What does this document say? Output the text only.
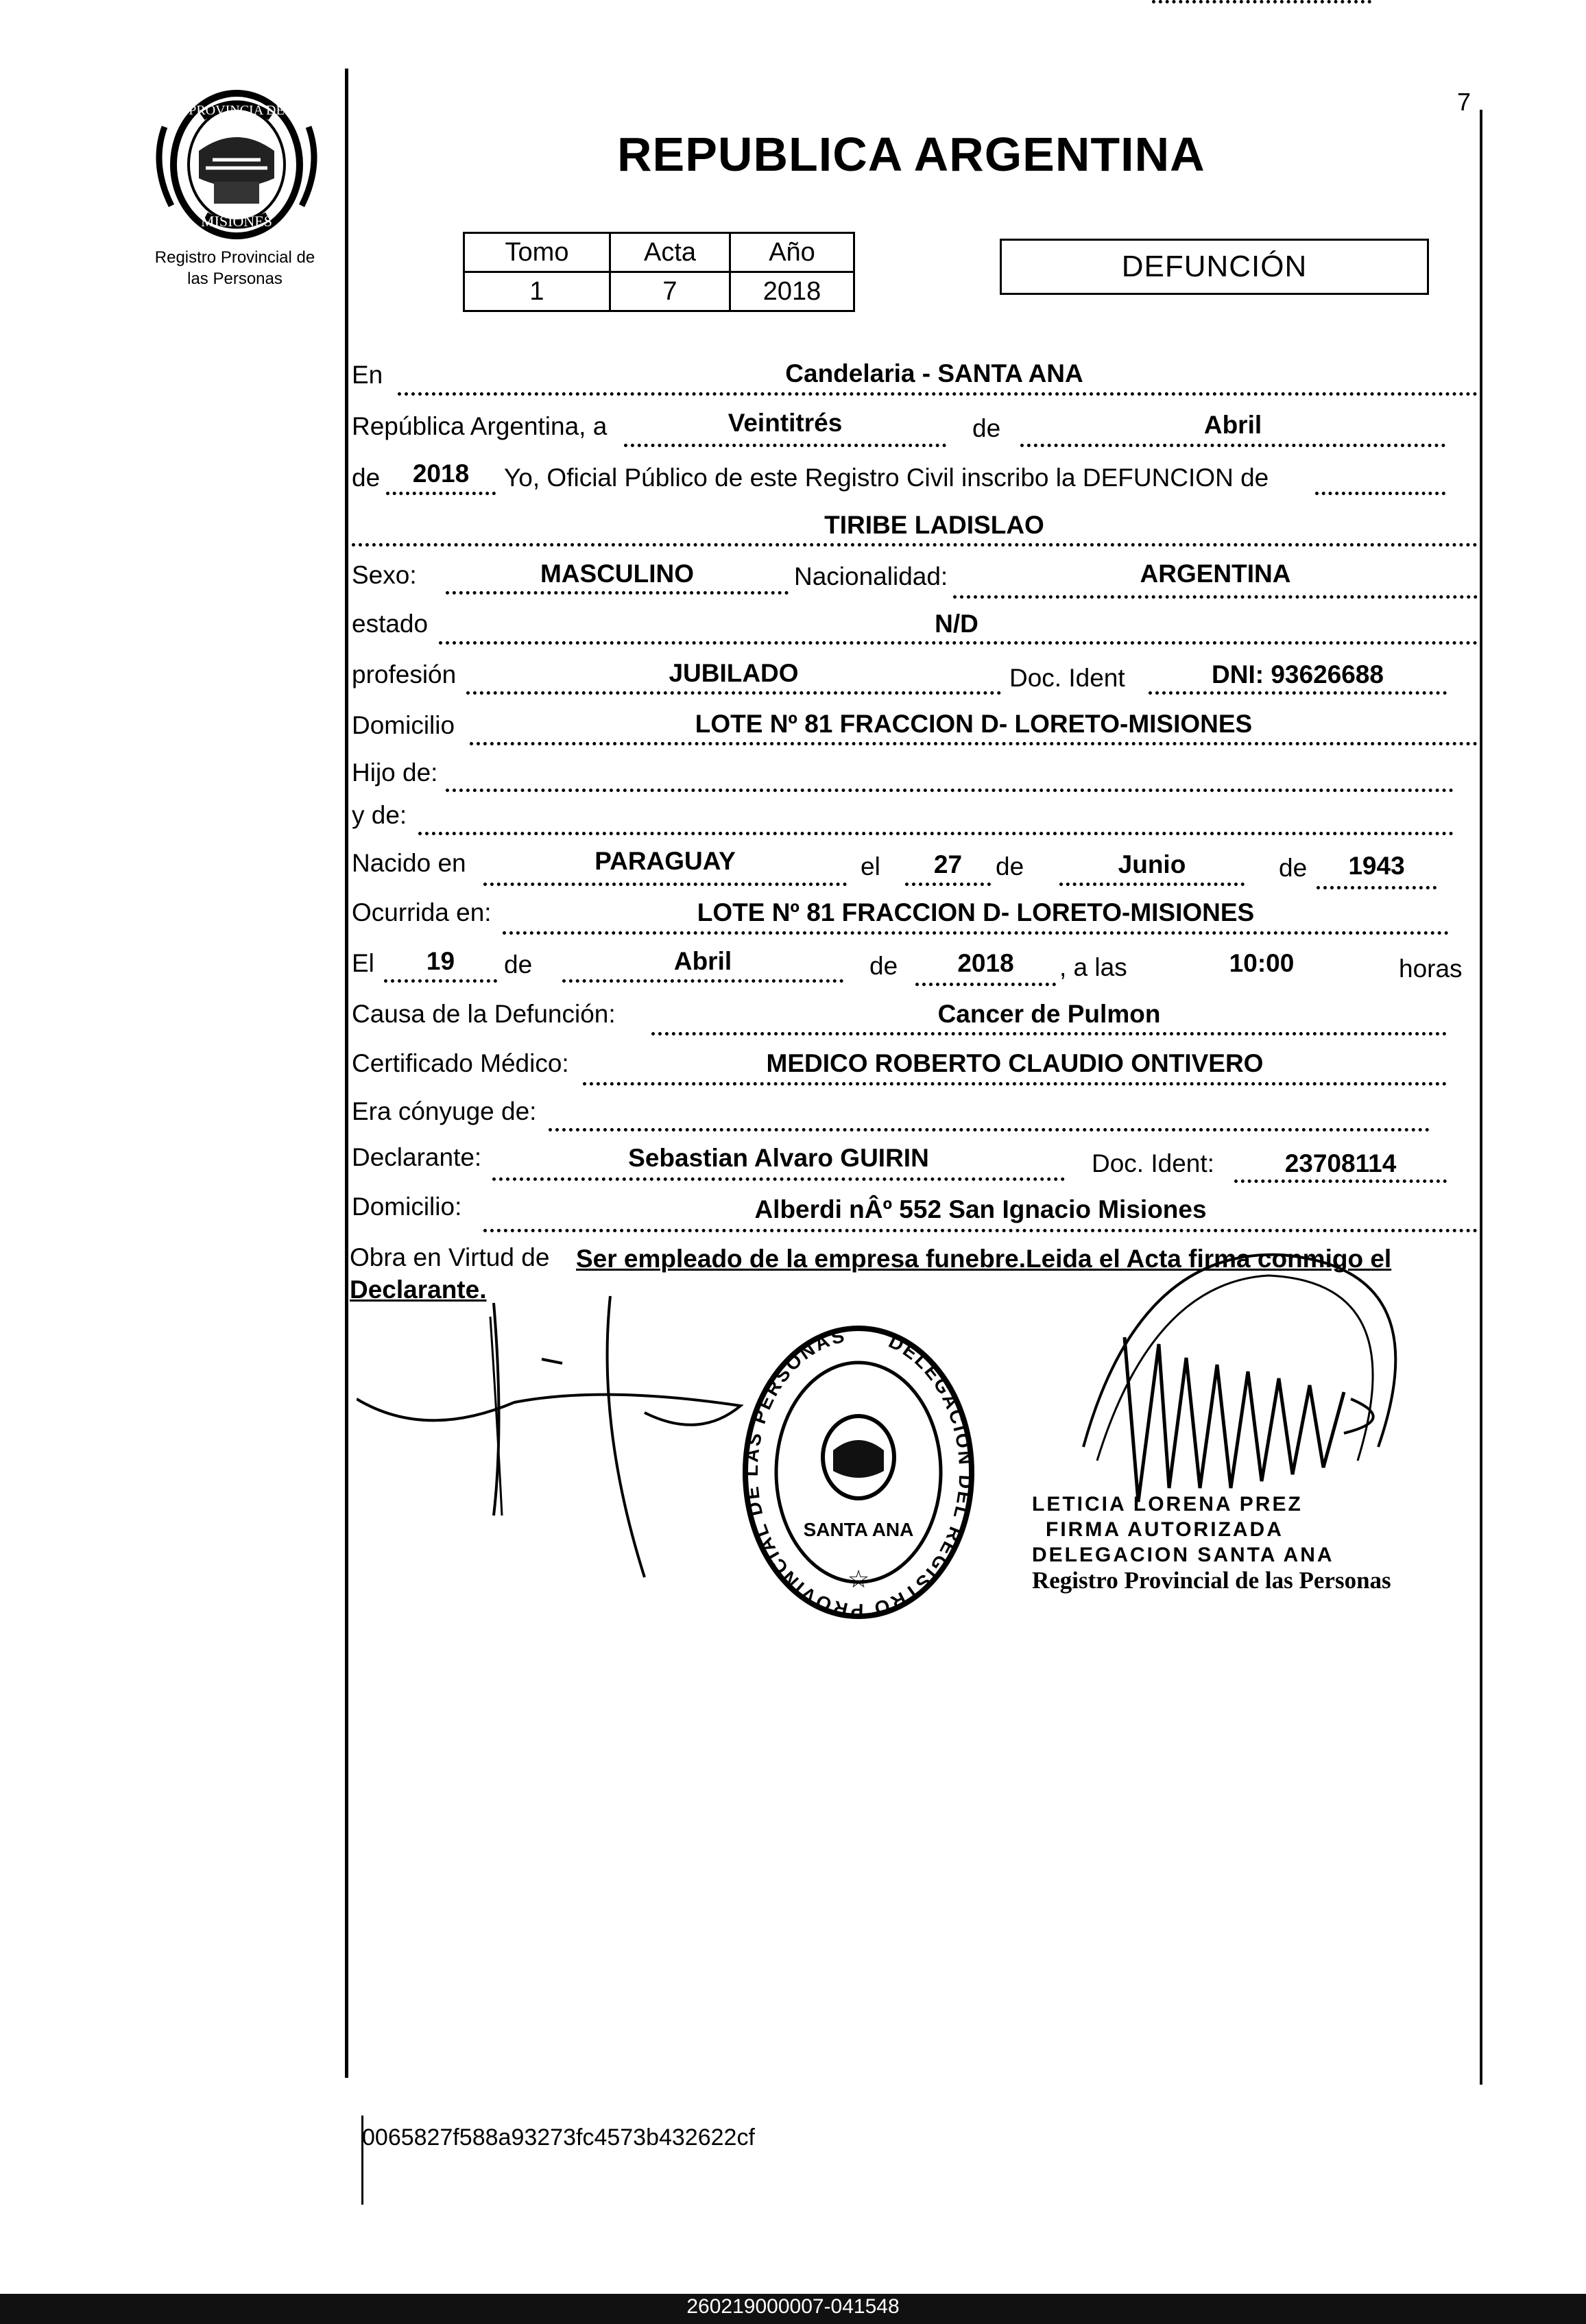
PROVINCIA DE
MISIONES
Registro Provincial de
las Personas
7
REPUBLICA ARGENTINA
Tomo	Acta	Año
1	7	2018
DEFUNCIÓN
En	Candelaria - SANTA ANA
República Argentina, a	Veintitrés	de	Abril
de	2018	Yo, Oficial Público de este Registro Civil inscribo la DEFUNCION de
TIRIBE LADISLAO
Sexo:	MASCULINO	Nacionalidad:	ARGENTINA
estado	N/D
profesión	JUBILADO	Doc. Ident	DNI: 93626688
Domicilio	LOTE Nº 81 FRACCION D- LORETO-MISIONES
Hijo de:
y de:
Nacido en	PARAGUAY	el	27	de	Junio	de	1943
Ocurrida en:	LOTE Nº 81 FRACCION D- LORETO-MISIONES
El	19	de	Abril	de	2018	, a las	10:00	horas
Causa de la Defunción:	Cancer de Pulmon
Certificado Médico:	MEDICO ROBERTO CLAUDIO ONTIVERO
Era cónyuge de:
Declarante:	Sebastian Alvaro GUIRIN	Doc. Ident:	23708114
Domicilio:	Alberdi nÂº 552 San Ignacio Misiones
Obra en Virtud de Ser empleado de la empresa funebre.Leida el Acta firma conmigo el
Declarante.
DELEGACION DEL REGISTRO PROVINCIAL DE LAS PERSONAS
SANTA ANA
☆
LETICIA LORENA PREZ
FIRMA AUTORIZADA
DELEGACION SANTA ANA
Registro Provincial de las Personas
0065827f588a93273fc4573b432622cf
260219000007-041548
